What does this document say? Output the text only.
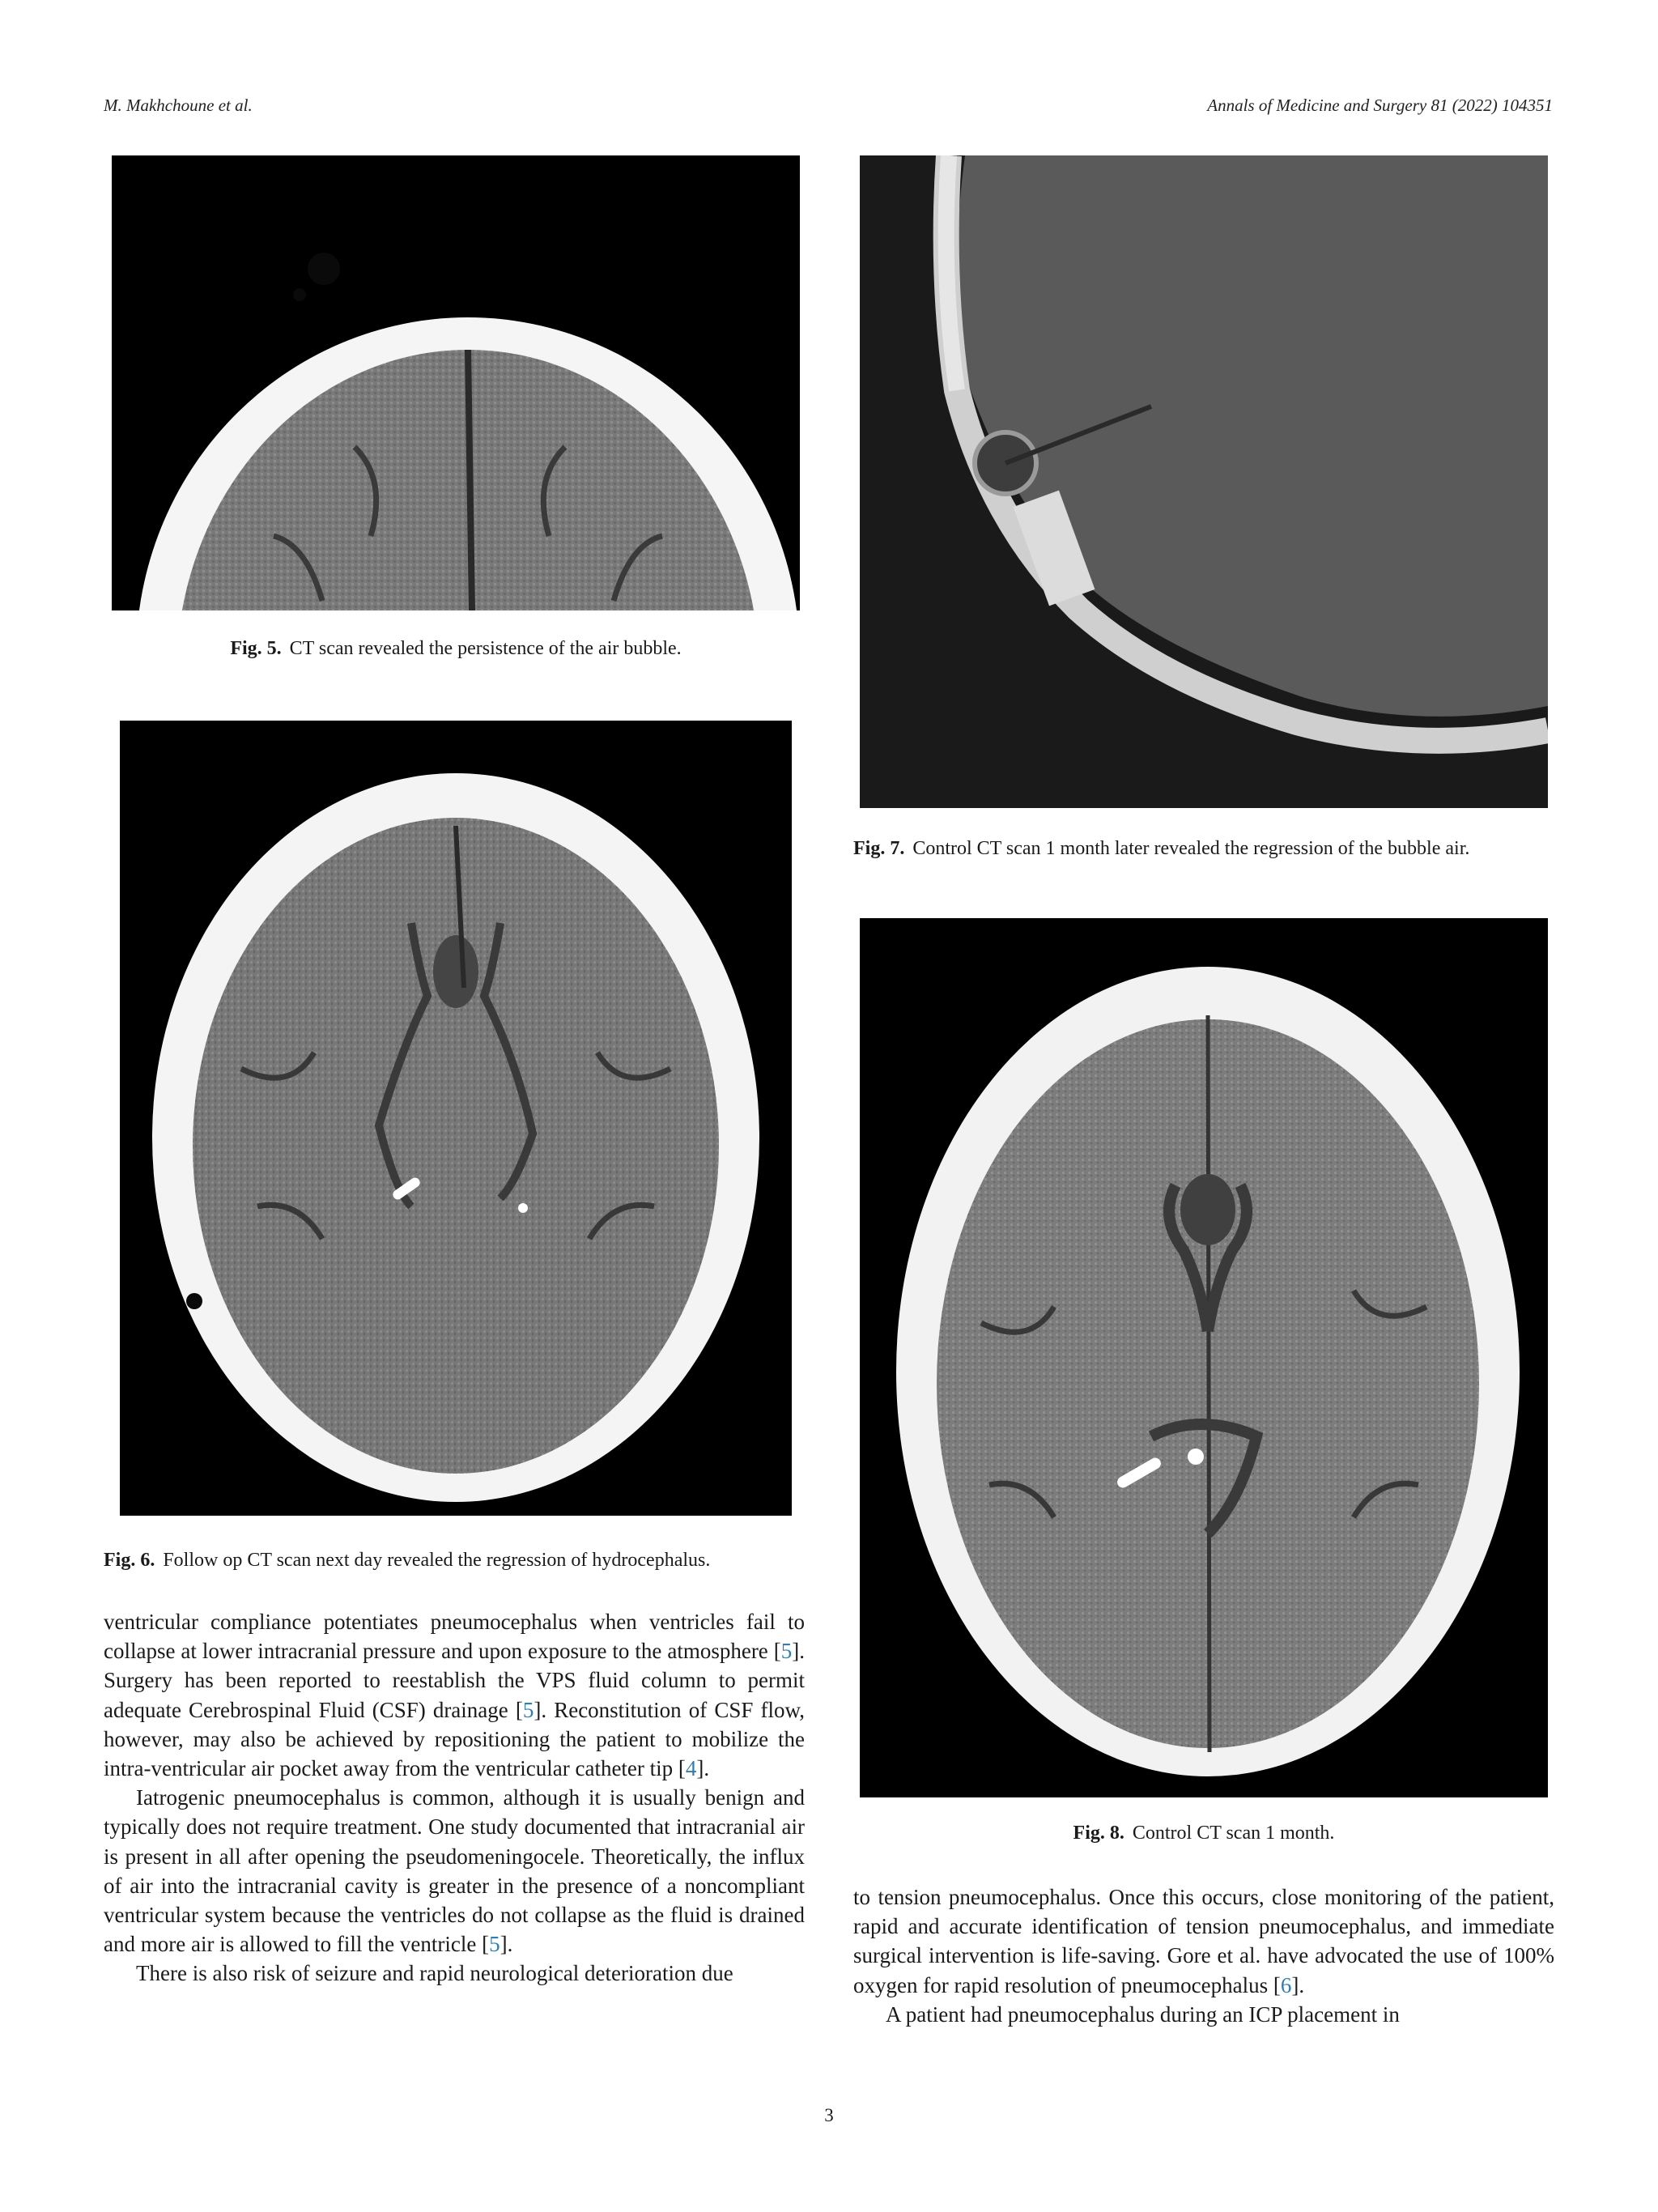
M. Makhchoune et al.	Annals of Medicine and Surgery 81 (2022) 104351
Fig. 5. CT scan revealed the persistence of the air bubble.
Fig. 6. Follow op CT scan next day revealed the regression of hydrocephalus.
Fig. 7. Control CT scan 1 month later revealed the regression of the bubble air.
Fig. 8. Control CT scan 1 month.

ventricular compliance potentiates pneumocephalus when ventricles fail to collapse at lower intracranial pressure and upon exposure to the atmosphere [5]. Surgery has been reported to reestablish the VPS fluid column to permit adequate Cerebrospinal Fluid (CSF) drainage [5]. Reconstitution of CSF flow, however, may also be achieved by repositioning the patient to mobilize the intra-ventricular air pocket away from the ventricular catheter tip [4].

Iatrogenic pneumocephalus is common, although it is usually benign and typically does not require treatment. One study documented that intracranial air is present in all after opening the pseudomeningocele. Theoretically, the influx of air into the intracranial cavity is greater in the presence of a noncompliant ventricular system because the ventricles do not collapse as the fluid is drained and more air is allowed to fill the ventricle [5].

There is also risk of seizure and rapid neurological deterioration due

to tension pneumocephalus. Once this occurs, close monitoring of the patient, rapid and accurate identification of tension pneumocephalus, and immediate surgical intervention is life-saving. Gore et al. have advocated the use of 100% oxygen for rapid resolution of pneumocephalus [6].

A patient had pneumocephalus during an ICP placement in

3
